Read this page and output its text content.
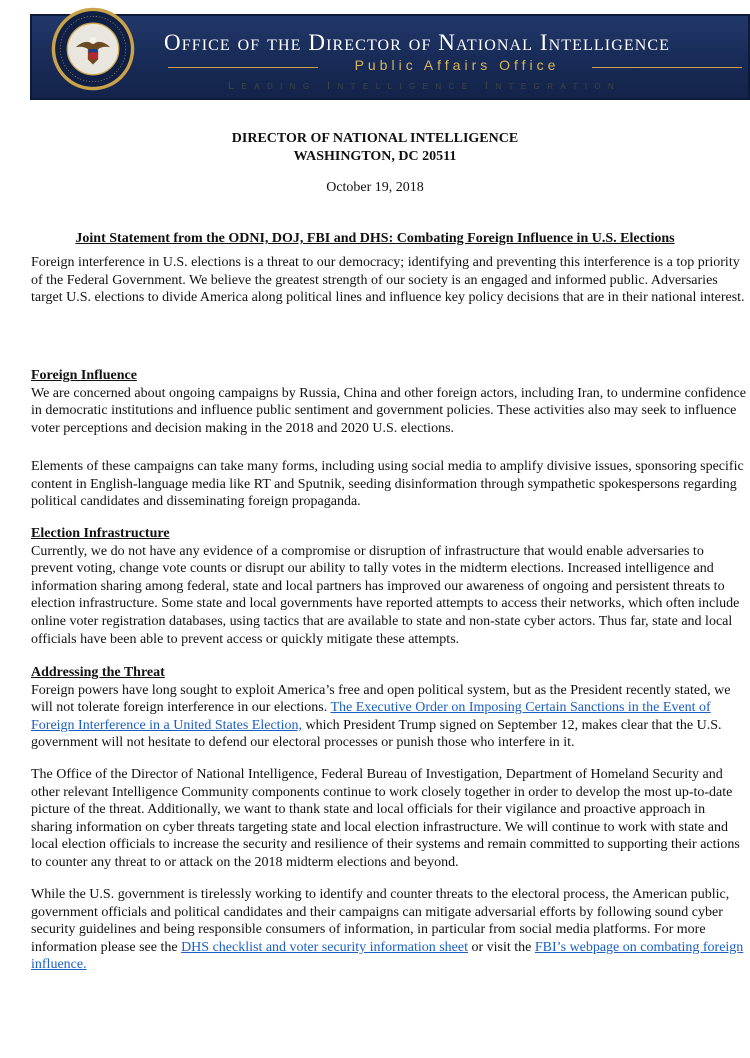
Office of the Director of National Intelligence
Public Affairs Office
Leading Intelligence Integration
DIRECTOR OF NATIONAL INTELLIGENCE
WASHINGTON, DC 20511
October 19, 2018
Joint Statement from the ODNI, DOJ, FBI and DHS: Combating Foreign Influence in U.S. Elections

Foreign interference in U.S. elections is a threat to our democracy; identifying and preventing this interference is a top priority of the Federal Government. We believe the greatest strength of our society is an engaged and informed public. Adversaries target U.S. elections to divide America along political lines and influence key policy decisions that are in their national interest.

Foreign Influence

We are concerned about ongoing campaigns by Russia, China and other foreign actors, including Iran, to undermine confidence in democratic institutions and influence public sentiment and government policies. These activities also may seek to influence voter perceptions and decision making in the 2018 and 2020 U.S. elections.

Elements of these campaigns can take many forms, including using social media to amplify divisive issues, sponsoring specific content in English-language media like RT and Sputnik, seeding disinformation through sympathetic spokespersons regarding political candidates and disseminating foreign propaganda.

Election Infrastructure

Currently, we do not have any evidence of a compromise or disruption of infrastructure that would enable adversaries to prevent voting, change vote counts or disrupt our ability to tally votes in the midterm elections. Increased intelligence and information sharing among federal, state and local partners has improved our awareness of ongoing and persistent threats to election infrastructure. Some state and local governments have reported attempts to access their networks, which often include online voter registration databases, using tactics that are available to state and non-state cyber actors. Thus far, state and local officials have been able to prevent access or quickly mitigate these attempts.

Addressing the Threat

Foreign powers have long sought to exploit America’s free and open political system, but as the President recently stated, we will not tolerate foreign interference in our elections. The Executive Order on Imposing Certain Sanctions in the Event of Foreign Interference in a United States Election, which President Trump signed on September 12, makes clear that the U.S. government will not hesitate to defend our electoral processes or punish those who interfere in it.

The Office of the Director of National Intelligence, Federal Bureau of Investigation, Department of Homeland Security and other relevant Intelligence Community components continue to work closely together in order to develop the most up-to-date picture of the threat. Additionally, we want to thank state and local officials for their vigilance and proactive approach in sharing information on cyber threats targeting state and local election infrastructure. We will continue to work with state and local election officials to increase the security and resilience of their systems and remain committed to supporting their actions to counter any threat to or attack on the 2018 midterm elections and beyond.

While the U.S. government is tirelessly working to identify and counter threats to the electoral process, the American public, government officials and political candidates and their campaigns can mitigate adversarial efforts by following sound cyber security guidelines and being responsible consumers of information, in particular from social media platforms. For more information please see the DHS checklist and voter security information sheet or visit the FBI’s webpage on combating foreign influence.
